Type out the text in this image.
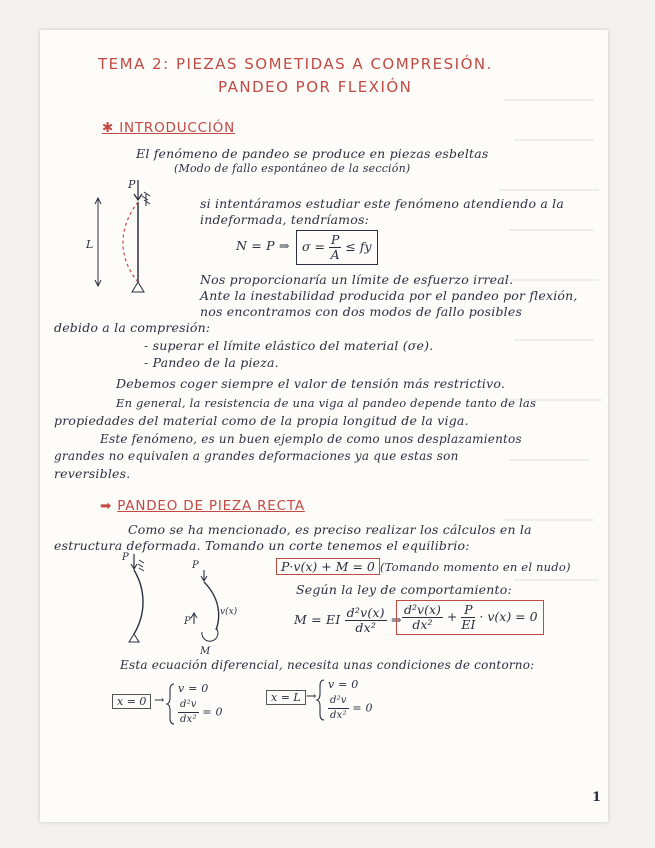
TEMA 2: PIEZAS SOMETIDAS A COMPRESIÓN.
PANDEO POR FLEXIÓN
✱ INTRODUCCIÓN
El fenómeno de pandeo se produce en piezas esbeltas
(Modo de fallo espontáneo de la sección)
P
L
si intentáramos estudiar este fenómeno atendiendo a la
indeformada, tendríamos:
N = P ⇒ $\sigma = \frac{P}{A}$ ≤ fy
Nos proporcionaría un límite de esfuerzo irreal.
Ante la inestabilidad producida por el pandeo por flexión,
nos encontramos con dos modos de fallo posibles
debido a la compresión:
- superar el límite elástico del material (σe).
- Pandeo de la pieza.
Debemos coger siempre el valor de tensión más restrictivo.
En general, la resistencia de una viga al pandeo depende tanto de las
propiedades del material como de la propia longitud de la viga.
Este fenómeno, es un buen ejemplo de como unos desplazamientos
grandes no equivalen a grandes deformaciones ya que estas son
reversibles.
➡ PANDEO DE PIEZA RECTA
Como se ha mencionado, es preciso realizar los cálculos en la
estructura deformada. Tomando un corte tenemos el equilibrio:
P
P
P
v(x)
M
P·v(x) + M = 0 (Tomando momento en el nudo)
Según la ley de comportamiento:
M = EI $\frac{\text{d²v(x)}}{\text{dx²}}$ ⇒ $\frac{\text{d²v(x)}}{\text{dx²}} + \frac{P}{EI} \cdot v(x) = 0$
Esta ecuación diferencial, necesita unas condiciones de contorno:
x = 0 →
v = 0
$\frac{\text{d²v}}{\text{dx²}} = 0$
x = L →
v = 0
$\frac{\text{d²v}}{\text{dx²}} = 0$
1
